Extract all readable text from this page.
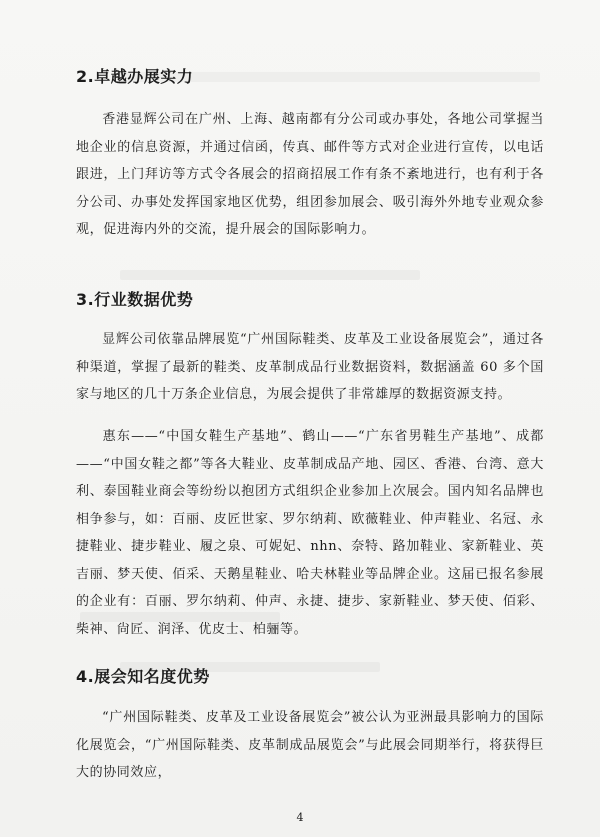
2.卓越办展实力
香港显辉公司在广州、上海、越南都有分公司或办事处，各地公司掌握当地企业的信息资源，并通过信函，传真、邮件等方式对企业进行宣传，以电话跟进，上门拜访等方式令各展会的招商招展工作有条不紊地进行，也有利于各分公司、办事处发挥国家地区优势，组团参加展会、吸引海外外地专业观众参观，促进海内外的交流，提升展会的国际影响力。
3.行业数据优势
显辉公司依靠品牌展览“广州国际鞋类、皮革及工业设备展览会”，通过各种渠道，掌握了最新的鞋类、皮革制成品行业数据资料，数据涵盖 60 多个国家与地区的几十万条企业信息，为展会提供了非常雄厚的数据资源支持。
惠东——“中国女鞋生产基地”、鹤山——“广东省男鞋生产基地”、成都——“中国女鞋之都”等各大鞋业、皮革制成品产地、园区、香港、台湾、意大利、泰国鞋业商会等纷纷以抱团方式组织企业参加上次展会。国内知名品牌也相争参与，如：百丽、皮匠世家、罗尔纳莉、欧薇鞋业、仲声鞋业、名冠、永捷鞋业、捷步鞋业、履之泉、可妮妃、nhn、奈特、路加鞋业、家新鞋业、英吉丽、梦天使、佰采、天鹅星鞋业、哈夫林鞋业等品牌企业。这届已报名参展的企业有：百丽、罗尔纳莉、仲声、永捷、捷步、家新鞋业、梦天使、佰彩、柴神、尙匠、润泽、优皮士、柏骊等。
4.展会知名度优势
“广州国际鞋类、皮革及工业设备展览会”被公认为亚洲最具影响力的国际化展览会，“广州国际鞋类、皮革制成品展览会”与此展会同期举行，将获得巨大的协同效应，
4
